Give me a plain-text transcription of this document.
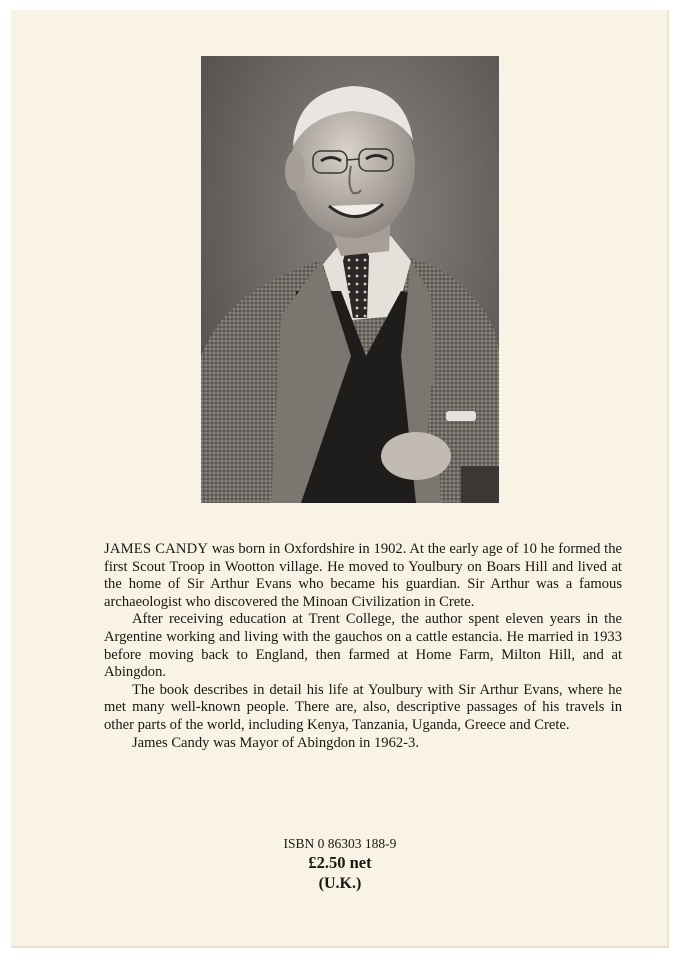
JAMES CANDY was born in Oxfordshire in 1902. At the early age of 10 he formed the first Scout Troop in Wootton village. He moved to Youlbury on Boars Hill and lived at the home of Sir Arthur Evans who became his guardian. Sir Arthur was a famous archaeologist who discovered the Minoan Civilization in Crete.

After receiving education at Trent College, the author spent eleven years in the Argentine working and living with the gauchos on a cattle estancia. He married in 1933 before moving back to England, then farmed at Home Farm, Milton Hill, and at Abingdon.

The book describes in detail his life at Youlbury with Sir Arthur Evans, where he met many well-known people. There are, also, descriptive passages of his travels in other parts of the world, including Kenya, Tanzania, Uganda, Greece and Crete.

James Candy was Mayor of Abingdon in 1962-3.

ISBN 0 86303 188-9
£2.50 net
(U.K.)
